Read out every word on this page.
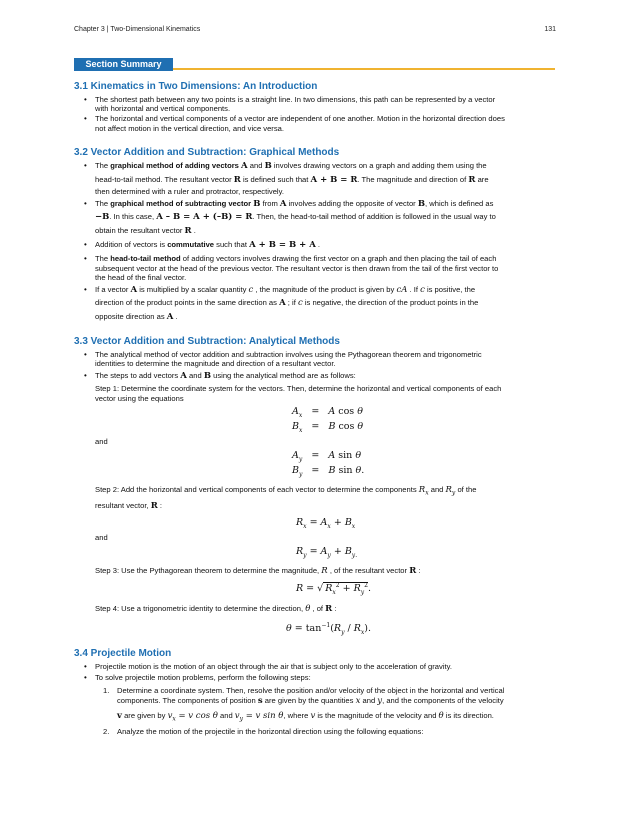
Chapter 3 | Two-Dimensional Kinematics	131
Section Summary
3.1 Kinematics in Two Dimensions: An Introduction
• The shortest path between any two points is a straight line. In two dimensions, this path can be represented by a vector
with horizontal and vertical components.
• The horizontal and vertical components of a vector are independent of one another. Motion in the horizontal direction does
not affect motion in the vertical direction, and vice versa.
3.2 Vector Addition and Subtraction: Graphical Methods
• The graphical method of adding vectors A and B involves drawing vectors on a graph and adding them using the
head-to-tail method. The resultant vector R is defined such that A + B = R. The magnitude and direction of R are
then determined with a ruler and protractor, respectively.
• The graphical method of subtracting vector B from A involves adding the opposite of vector B, which is defined as
−B. In this case, A – B = A + (–B) = R. Then, the head-to-tail method of addition is followed in the usual way to
obtain the resultant vector R .
• Addition of vectors is commutative such that A + B = B + A .
• The head-to-tail method of adding vectors involves drawing the first vector on a graph and then placing the tail of each
subsequent vector at the head of the previous vector. The resultant vector is then drawn from the tail of the first vector to
the head of the final vector.
• If a vector A is multiplied by a scalar quantity c , the magnitude of the product is given by cA . If c is positive, the
direction of the product points in the same direction as A ; if c is negative, the direction of the product points in the
opposite direction as A .
3.3 Vector Addition and Subtraction: Analytical Methods
• The analytical method of vector addition and subtraction involves using the Pythagorean theorem and trigonometric
identities to determine the magnitude and direction of a resultant vector.
• The steps to add vectors A and B using the analytical method are as follows:
Step 1: Determine the coordinate system for the vectors. Then, determine the horizontal and vertical components of each
vector using the equations
$A_x = A$ cos θ
$B_x = B$ cos θ
and
$A_y = A$ sin θ
$B_y = B$ sin θ.
Step 2: Add the horizontal and vertical components of each vector to determine the components $R_x$ and $R_y$ of the
resultant vector, R :
$R_x = A_x + B_x$
and
$R_y = A_y + B_{y.}$
Step 3: Use the Pythagorean theorem to determine the magnitude, R , of the resultant vector R :
R = √ $R_x^2 + R_y^2$.
Step 4: Use a trigonometric identity to determine the direction, θ , of R :
$\theta = \tan^{-1}(R_y / R_x)$.
3.4 Projectile Motion
• Projectile motion is the motion of an object through the air that is subject only to the acceleration of gravity.
• To solve projectile motion problems, perform the following steps:
1. Determine a coordinate system. Then, resolve the position and/or velocity of the object in the horizontal and vertical
components. The components of position s are given by the quantities x and y, and the components of the velocity
v are given by $v_x = v$ cos θ and $v_y = v$ sin θ, where v is the magnitude of the velocity and θ is its direction.
2. Analyze the motion of the projectile in the horizontal direction using the following equations:
